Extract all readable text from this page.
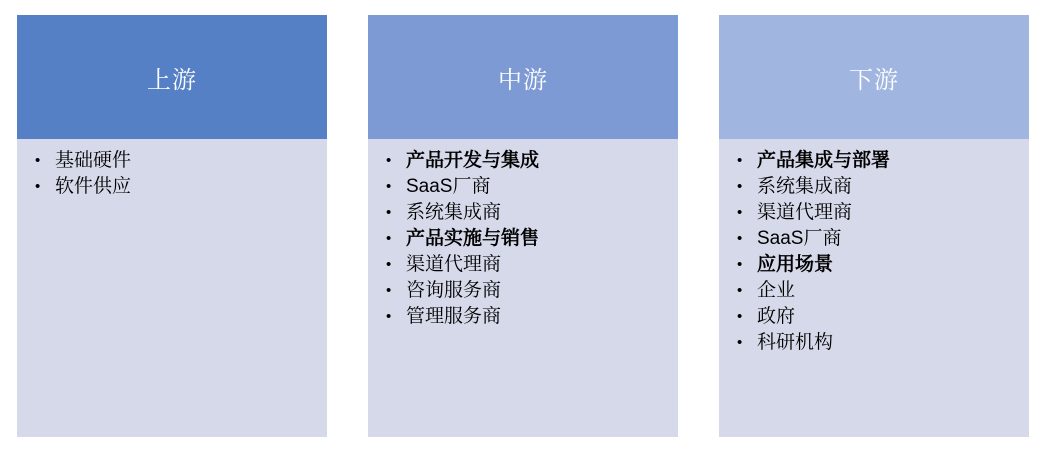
上游
• 基础硬件
• 软件供应
中游
• 产品开发与集成
• SaaS厂商
• 系统集成商
• 产品实施与销售
• 渠道代理商
• 咨询服务商
• 管理服务商
下游
• 产品集成与部署
• 系统集成商
• 渠道代理商
• SaaS厂商
• 应用场景
• 企业
• 政府
• 科研机构
